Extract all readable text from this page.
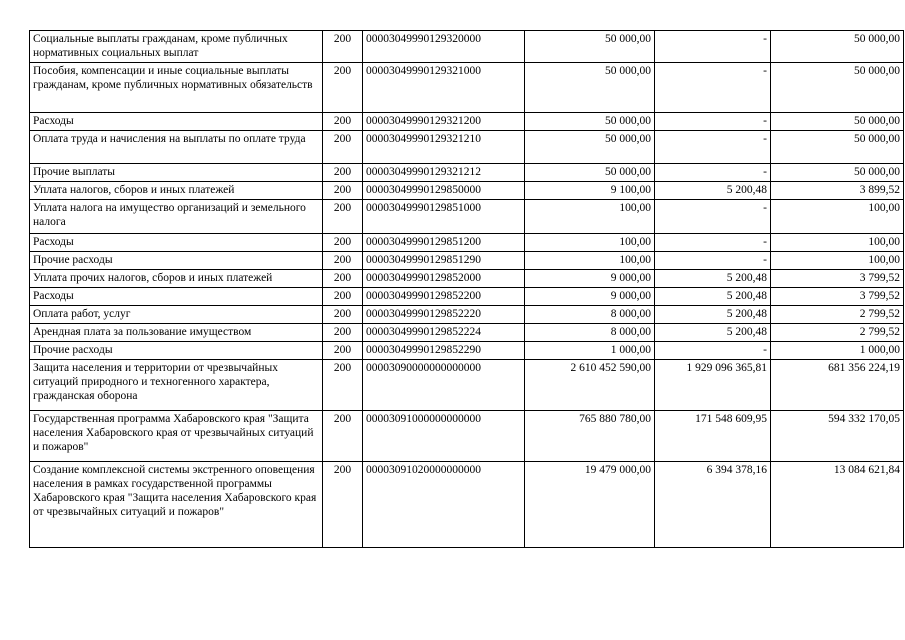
Социальные выплаты гражданам, кроме публичных нормативных социальных выплат	200	00003049990129320000	50 000,00	-	50 000,00
Пособия, компенсации и иные социальные выплаты гражданам, кроме публичных нормативных обязательств	200	00003049990129321000	50 000,00	-	50 000,00
Расходы	200	00003049990129321200	50 000,00	-	50 000,00
Оплата труда и начисления на выплаты по оплате труда	200	00003049990129321210	50 000,00	-	50 000,00
Прочие выплаты	200	00003049990129321212	50 000,00	-	50 000,00
Уплата налогов, сборов и иных платежей	200	00003049990129850000	9 100,00	5 200,48	3 899,52
Уплата налога на имущество организаций и земельного налога	200	00003049990129851000	100,00	-	100,00
Расходы	200	00003049990129851200	100,00	-	100,00
Прочие расходы	200	00003049990129851290	100,00	-	100,00
Уплата прочих налогов, сборов и иных платежей	200	00003049990129852000	9 000,00	5 200,48	3 799,52
Расходы	200	00003049990129852200	9 000,00	5 200,48	3 799,52
Оплата работ, услуг	200	00003049990129852220	8 000,00	5 200,48	2 799,52
Арендная плата за пользование имуществом	200	00003049990129852224	8 000,00	5 200,48	2 799,52
Прочие расходы	200	00003049990129852290	1 000,00	-	1 000,00
Защита населения и территории от чрезвычайных ситуаций природного и техногенного характера, гражданская оборона	200	00003090000000000000	2 610 452 590,00	1 929 096 365,81	681 356 224,19
Государственная программа Хабаровского края "Защита населения Хабаровского края от чрезвычайных ситуаций и пожаров"	200	00003091000000000000	765 880 780,00	171 548 609,95	594 332 170,05
Создание комплексной системы экстренного оповещения населения в рамках государственной программы Хабаровского края "Защита населения Хабаровского края от чрезвычайных ситуаций и пожаров"	200	00003091020000000000	19 479 000,00	6 394 378,16	13 084 621,84
